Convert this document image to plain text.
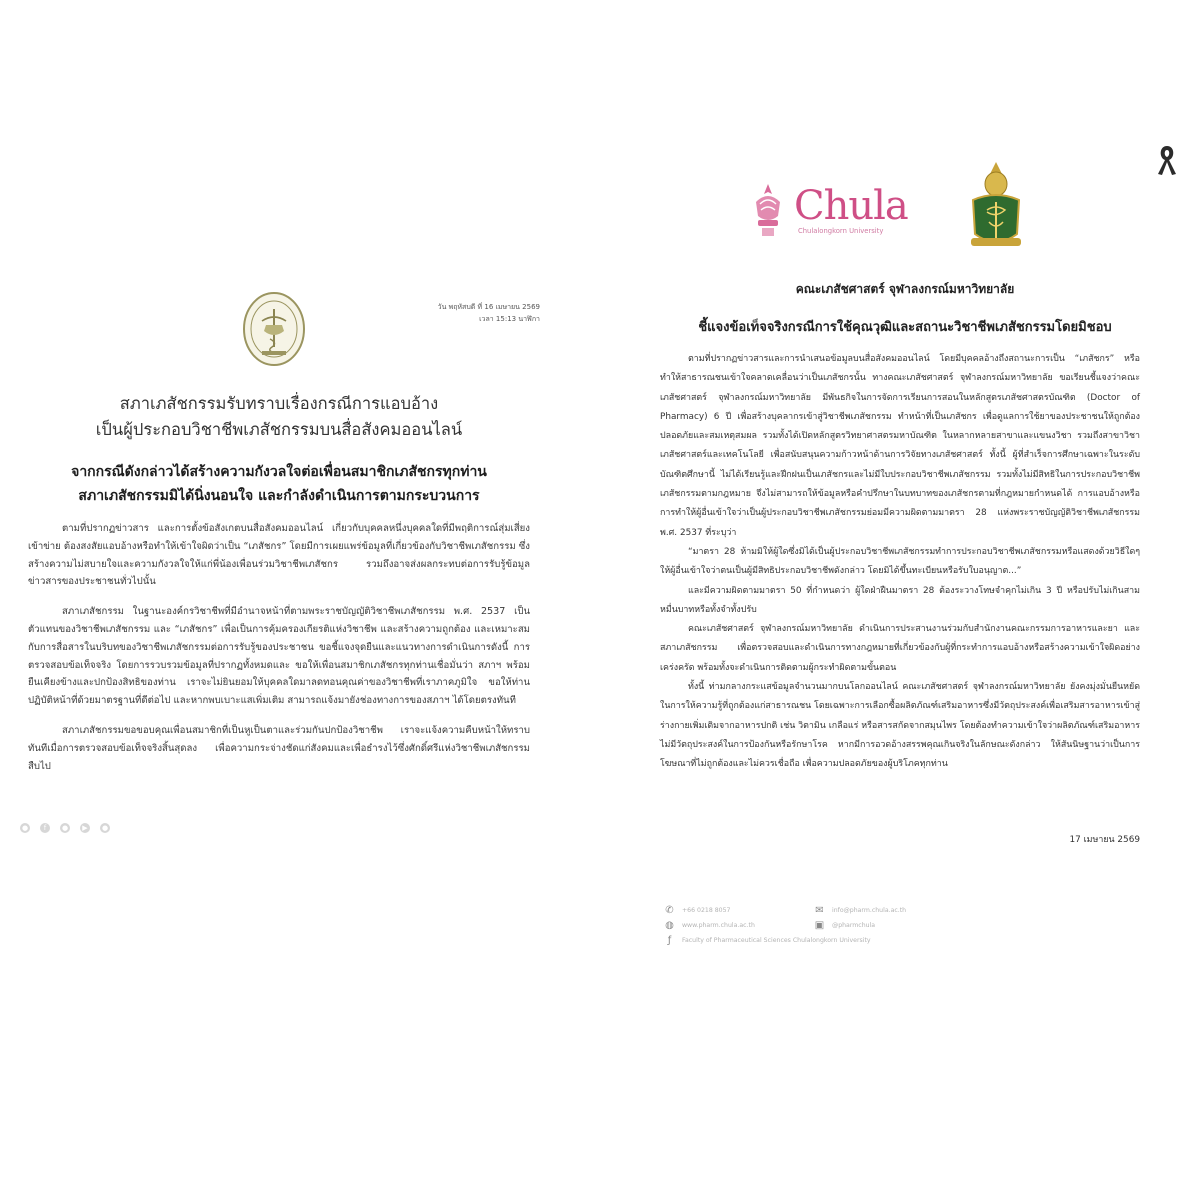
วัน พฤหัสบดี ที่ 16 เมษายน 2569
เวลา 15:13 นาฬิกา
สภาเภสัชกรรมรับทราบเรื่องกรณีการแอบอ้าง
เป็นผู้ประกอบวิชาชีพเภสัชกรรมบนสื่อสังคมออนไลน์
จากกรณีดังกล่าวได้สร้างความกังวลใจต่อเพื่อนสมาชิกเภสัชกรทุกท่าน
สภาเภสัชกรรมมิได้นิ่งนอนใจ และกำลังดำเนินการตามกระบวนการ

ตามที่ปรากฏข่าวสาร และการตั้งข้อสังเกตบนสื่อสังคมออนไลน์ เกี่ยวกับบุคคลหนึ่งบุคคลใดที่มีพฤติการณ์สุ่มเสี่ยง เข้าข่าย ต้องสงสัยแอบอ้างหรือทำให้เข้าใจผิดว่าเป็น “เภสัชกร” โดยมีการเผยแพร่ข้อมูลที่เกี่ยวข้องกับวิชาชีพเภสัชกรรม ซึ่งสร้างความไม่สบายใจและความกังวลใจให้แก่พี่น้องเพื่อนร่วมวิชาชีพเภสัชกร รวมถึงอาจส่งผลกระทบต่อการรับรู้ข้อมูลข่าวสารของประชาชนทั่วไปนั้น

สภาเภสัชกรรม ในฐานะองค์กรวิชาชีพที่มีอำนาจหน้าที่ตามพระราชบัญญัติวิชาชีพเภสัชกรรม พ.ศ. 2537 เป็นตัวแทนของวิชาชีพเภสัชกรรม และ “เภสัชกร” เพื่อเป็นการคุ้มครองเกียรติแห่งวิชาชีพ และสร้างความถูกต้อง และเหมาะสมกับการสื่อสารในบริบทของวิชาชีพเภสัชกรรมต่อการรับรู้ของประชาชน ขอชี้แจงจุดยืนและแนวทางการดำเนินการดังนี้ การตรวจสอบข้อเท็จจริง โดยการรวบรวมข้อมูลที่ปรากฏทั้งหมดและ ขอให้เพื่อนสมาชิกเภสัชกรทุกท่านเชื่อมั่นว่า สภาฯ พร้อมยืนเคียงข้างและปกป้องสิทธิของท่าน เราจะไม่ยินยอมให้บุคคลใดมาลดทอนคุณค่าของวิชาชีพที่เราภาคภูมิใจ ขอให้ท่านปฏิบัติหน้าที่ด้วยมาตรฐานที่ดีต่อไป และหากพบเบาะแสเพิ่มเติม สามารถแจ้งมายังช่องทางการของสภาฯ ได้โดยตรงทันที

สภาเภสัชกรรมขอขอบคุณเพื่อนสมาชิกที่เป็นหูเป็นตาและร่วมกันปกป้องวิชาชีพ เราจะแจ้งความคืบหน้าให้ทราบทันทีเมื่อการตรวจสอบข้อเท็จจริงสิ้นสุดลง เพื่อความกระจ่างชัดแก่สังคมและเพื่อธำรงไว้ซึ่งศักดิ์ศรีแห่งวิชาชีพเภสัชกรรมสืบไป

●	f	●	▶	●
Chula
Chulalongkorn University
คณะเภสัชศาสตร์ จุฬาลงกรณ์มหาวิทยาลัย
ชี้แจงข้อเท็จจริงกรณีการใช้คุณวุฒิและสถานะวิชาชีพเภสัชกรรมโดยมิชอบ

ตามที่ปรากฏข่าวสารและการนำเสนอข้อมูลบนสื่อสังคมออนไลน์ โดยมีบุคคลอ้างถึงสถานะการเป็น “เภสัชกร” หรือทำให้สาธารณชนเข้าใจคลาดเคลื่อนว่าเป็นเภสัชกรนั้น ทางคณะเภสัชศาสตร์ จุฬาลงกรณ์มหาวิทยาลัย ขอเรียนชี้แจงว่าคณะเภสัชศาสตร์ จุฬาลงกรณ์มหาวิทยาลัย มีพันธกิจในการจัดการเรียนการสอนในหลักสูตรเภสัชศาสตรบัณฑิต (Doctor of Pharmacy) 6 ปี เพื่อสร้างบุคลากรเข้าสู่วิชาชีพเภสัชกรรม ทำหน้าที่เป็นเภสัชกร เพื่อดูแลการใช้ยาของประชาชนให้ถูกต้อง ปลอดภัยและสมเหตุสมผล รวมทั้งได้เปิดหลักสูตรวิทยาศาสตรมหาบัณฑิต ในหลากหลายสาขาและแขนงวิชา รวมถึงสาขาวิชาเภสัชศาสตร์และเทคโนโลยี เพื่อสนับสนุนความก้าวหน้าด้านการวิจัยทางเภสัชศาสตร์ ทั้งนี้ ผู้ที่สำเร็จการศึกษาเฉพาะในระดับบัณฑิตศึกษานี้ ไม่ได้เรียนรู้และฝึกฝนเป็นเภสัชกรและไม่มีใบประกอบวิชาชีพเภสัชกรรม รวมทั้งไม่มีสิทธิในการประกอบวิชาชีพเภสัชกรรมตามกฎหมาย จึงไม่สามารถให้ข้อมูลหรือคำปรึกษาในบทบาทของเภสัชกรตามที่กฎหมายกำหนดได้ การแอบอ้างหรือการทำให้ผู้อื่นเข้าใจว่าเป็นผู้ประกอบวิชาชีพเภสัชกรรมย่อมมีความผิดตามมาตรา 28 แห่งพระราชบัญญัติวิชาชีพเภสัชกรรม พ.ศ. 2537 ที่ระบุว่า

“มาตรา 28 ห้ามมิให้ผู้ใดซึ่งมิได้เป็นผู้ประกอบวิชาชีพเภสัชกรรมทำการประกอบวิชาชีพเภสัชกรรมหรือแสดงด้วยวิธีใดๆ ให้ผู้อื่นเข้าใจว่าตนเป็นผู้มีสิทธิประกอบวิชาชีพดังกล่าว โดยมิได้ขึ้นทะเบียนหรือรับใบอนุญาต...”

และมีความผิดตามมาตรา 50 ที่กำหนดว่า ผู้ใดฝ่าฝืนมาตรา 28 ต้องระวางโทษจำคุกไม่เกิน 3 ปี หรือปรับไม่เกินสามหมื่นบาทหรือทั้งจำทั้งปรับ

คณะเภสัชศาสตร์ จุฬาลงกรณ์มหาวิทยาลัย ดำเนินการประสานงานร่วมกับสำนักงานคณะกรรมการอาหารและยา และสภาเภสัชกรรม เพื่อตรวจสอบและดำเนินการทางกฎหมายที่เกี่ยวข้องกับผู้ที่กระทำการแอบอ้างหรือสร้างความเข้าใจผิดอย่างเคร่งครัด พร้อมทั้งจะดำเนินการติดตามผู้กระทำผิดตามขั้นตอน

ทั้งนี้ ท่ามกลางกระแสข้อมูลจำนวนมากบนโลกออนไลน์ คณะเภสัชศาสตร์ จุฬาลงกรณ์มหาวิทยาลัย ยังคงมุ่งมั่นยืนหยัดในการให้ความรู้ที่ถูกต้องแก่สาธารณชน โดยเฉพาะการเลือกซื้อผลิตภัณฑ์เสริมอาหารซึ่งมีวัตถุประสงค์เพื่อเสริมสารอาหารเข้าสู่ร่างกายเพิ่มเติมจากอาหารปกติ เช่น วิตามิน เกลือแร่ หรือสารสกัดจากสมุนไพร โดยต้องทำความเข้าใจว่าผลิตภัณฑ์เสริมอาหารไม่มีวัตถุประสงค์ในการป้องกันหรือรักษาโรค หากมีการอวดอ้างสรรพคุณเกินจริงในลักษณะดังกล่าว ให้สันนิษฐานว่าเป็นการโฆษณาที่ไม่ถูกต้องและไม่ควรเชื่อถือ เพื่อความปลอดภัยของผู้บริโภคทุกท่าน

17 เมษายน 2569
✆ +66 0218 8057	✉ info@pharm.chula.ac.th
◍ www.pharm.chula.ac.th	▣ @pharmchula
ƒ	Faculty of Pharmaceutical Sciences Chulalongkorn University
